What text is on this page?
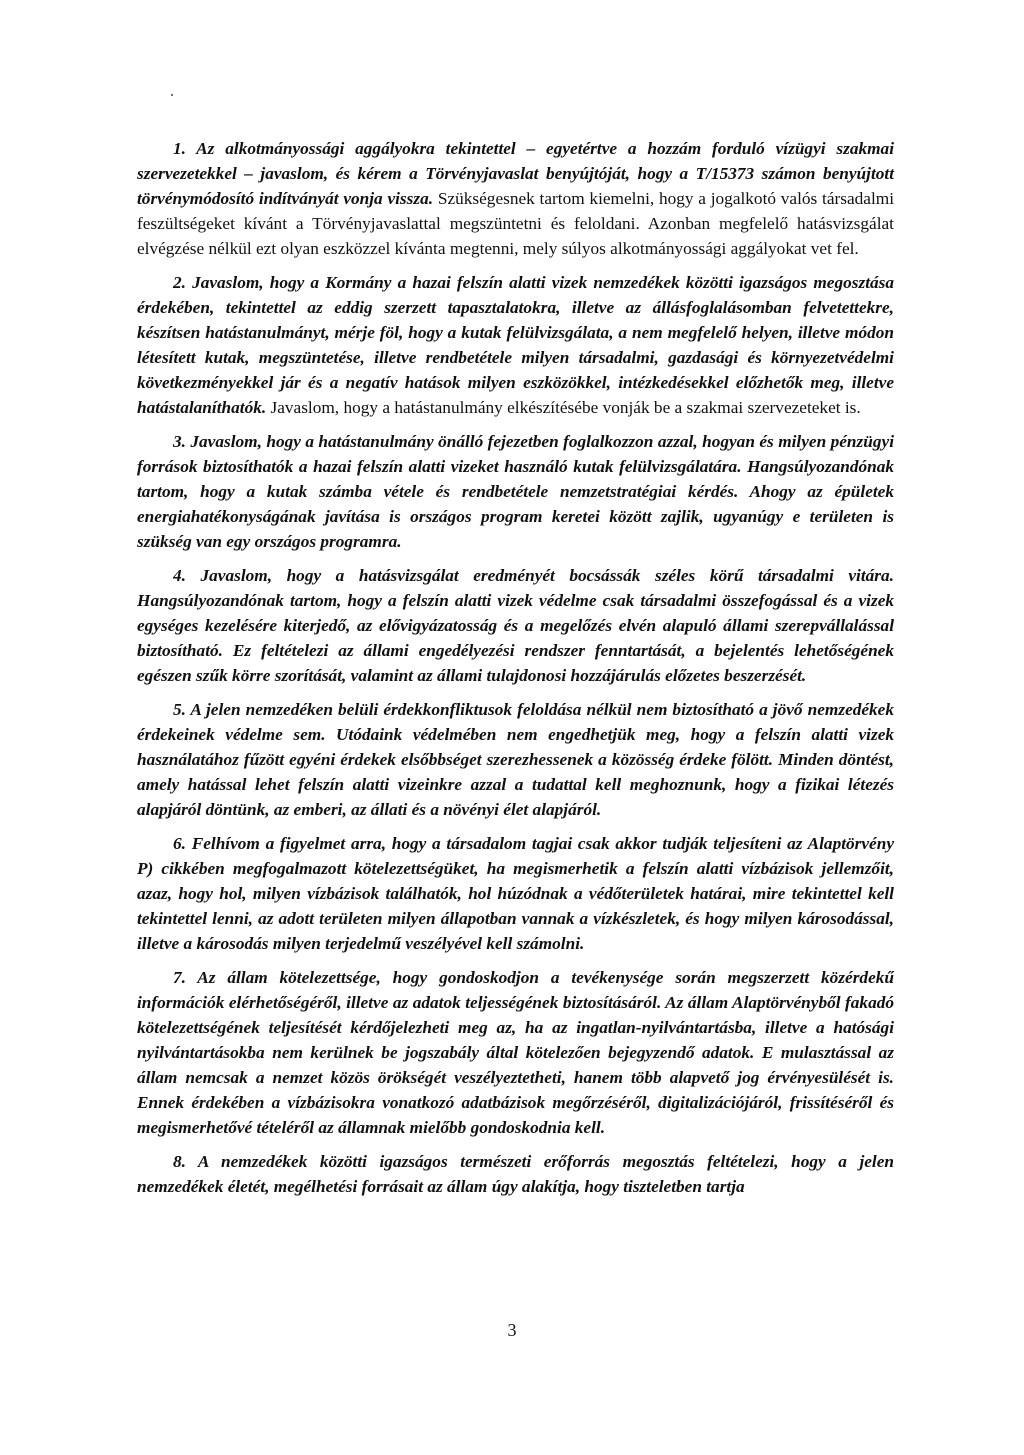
1. Az alkotmányossági aggályokra tekintettel – egyetértve a hozzám forduló vízügyi szakmai szervezetekkel – javaslom, és kérem a Törvényjavaslat benyújtóját, hogy a T/15373 számon benyújtott törvénymódosító indítványát vonja vissza. Szükségesnek tartom kiemelni, hogy a jogalkotó valós társadalmi feszültségeket kívánt a Törvényjavaslattal megszüntetni és feloldani. Azonban megfelelő hatásvizsgálat elvégzése nélkül ezt olyan eszközzel kívánta megtenni, mely súlyos alkotmányossági aggályokat vet fel.

2. Javaslom, hogy a Kormány a hazai felszín alatti vizek nemzedékek közötti igazságos megosztása érdekében, tekintettel az eddig szerzett tapasztalatokra, illetve az állásfoglalásomban felvetettekre, készítsen hatástanulmányt, mérje föl, hogy a kutak felülvizsgálata, a nem megfelelő helyen, illetve módon létesített kutak, megszüntetése, illetve rendbetétele milyen társadalmi, gazdasági és környezetvédelmi következményekkel jár és a negatív hatások milyen eszközökkel, intézkedésekkel előzhetők meg, illetve hatástalaníthatók. Javaslom, hogy a hatástanulmány elkészítésébe vonják be a szakmai szervezeteket is.

3. Javaslom, hogy a hatástanulmány önálló fejezetben foglalkozzon azzal, hogyan és milyen pénzügyi források biztosíthatók a hazai felszín alatti vizeket használó kutak felülvizsgálatára. Hangsúlyozandónak tartom, hogy a kutak számba vétele és rendbetétele nemzetstratégiai kérdés. Ahogy az épületek energiahatékonyságának javítása is országos program keretei között zajlik, ugyanúgy e területen is szükség van egy országos programra.

4. Javaslom, hogy a hatásvizsgálat eredményét bocsássák széles körű társadalmi vitára. Hangsúlyozandónak tartom, hogy a felszín alatti vizek védelme csak társadalmi összefogással és a vizek egységes kezelésére kiterjedő, az elővigyázatosság és a megelőzés elvén alapuló állami szerepvállalással biztosítható. Ez feltételezi az állami engedélyezési rendszer fenntartását, a bejelentés lehetőségének egészen szűk körre szorítását, valamint az állami tulajdonosi hozzájárulás előzetes beszerzését.

5. A jelen nemzedéken belüli érdekkonfliktusok feloldása nélkül nem biztosítható a jövő nemzedékek érdekeinek védelme sem. Utódaink védelmében nem engedhetjük meg, hogy a felszín alatti vizek használatához fűzött egyéni érdekek elsőbbséget szerezhessenek a közösség érdeke fölött. Minden döntést, amely hatással lehet felszín alatti vizeinkre azzal a tudattal kell meghoznunk, hogy a fizikai létezés alapjáról döntünk, az emberi, az állati és a növényi élet alapjáról.

6. Felhívom a figyelmet arra, hogy a társadalom tagjai csak akkor tudják teljesíteni az Alaptörvény P) cikkében megfogalmazott kötelezettségüket, ha megismerhetik a felszín alatti vízbázisok jellemzőit, azaz, hogy hol, milyen vízbázisok találhatók, hol húzódnak a védőterületek határai, mire tekintettel kell tekintettel lenni, az adott területen milyen állapotban vannak a vízkészletek, és hogy milyen károsodással, illetve a károsodás milyen terjedelmű veszélyével kell számolni.

7. Az állam kötelezettsége, hogy gondoskodjon a tevékenysége során megszerzett közérdekű információk elérhetőségéről, illetve az adatok teljességének biztosításáról. Az állam Alaptörvényből fakadó kötelezettségének teljesítését kérdőjelezheti meg az, ha az ingatlan-nyilvántartásba, illetve a hatósági nyilvántartásokba nem kerülnek be jogszabály által kötelezően bejegyzendő adatok. E mulasztással az állam nemcsak a nemzet közös örökségét veszélyeztetheti, hanem több alapvető jog érvényesülését is. Ennek érdekében a vízbázisokra vonatkozó adatbázisok megőrzéséről, digitalizációjáról, frissítéséről és megismerhetővé tételéről az államnak mielőbb gondoskodnia kell.

8. A nemzedékek közötti igazságos természeti erőforrás megosztás feltételezi, hogy a jelen nemzedékek életét, megélhetési forrásait az állam úgy alakítja, hogy tiszteletben tartja

3
